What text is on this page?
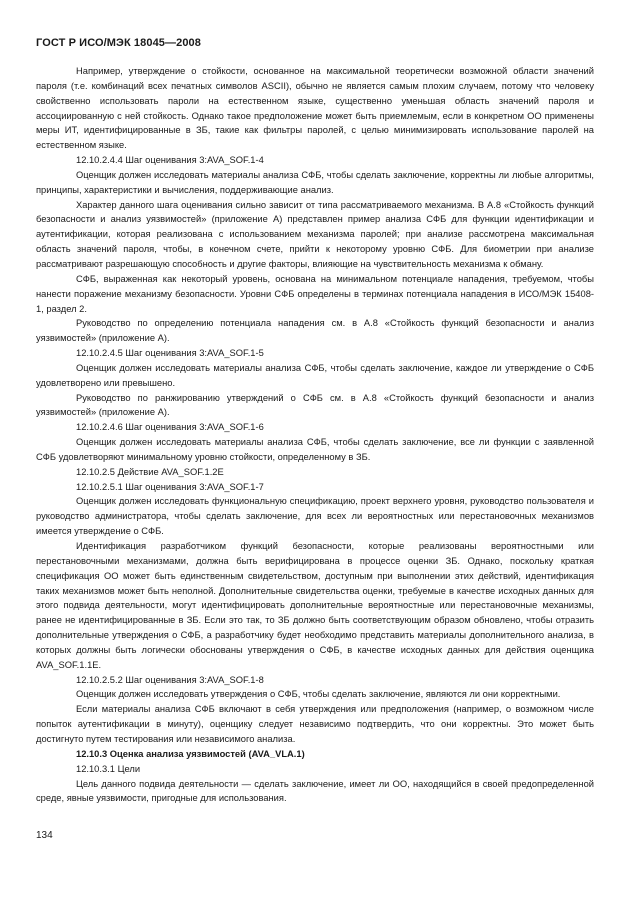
ГОСТ Р ИСО/МЭК 18045—2008

Например, утверждение о стойкости, основанное на максимальной теоретически возможной области значений пароля (т.е. комбинаций всех печатных символов ASCII), обычно не является самым плохим случаем, потому что человеку свойственно использовать пароли на естественном языке, существенно уменьшая область значений пароля и ассоциированную с ней стойкость. Однако такое предположение может быть приемлемым, если в конкретном ОО применены меры ИТ, идентифицированные в ЗБ, такие как фильтры паролей, с целью минимизировать использование паролей на естественном языке.

12.10.2.4.4 Шаг оценивания 3:AVA_SOF.1-4

Оценщик должен исследовать материалы анализа СФБ, чтобы сделать заключение, корректны ли любые алгоритмы, принципы, характеристики и вычисления, поддерживающие анализ.

Характер данного шага оценивания сильно зависит от типа рассматриваемого механизма. В А.8 «Стойкость функций безопасности и анализ уязвимостей» (приложение А) представлен пример анализа СФБ для функции идентификации и аутентификации, которая реализована с использованием механизма паролей; при анализе рассмотрена максимальная область значений пароля, чтобы, в конечном счете, прийти к некоторому уровню СФБ. Для биометрии при анализе рассматривают разрешающую способность и другие факторы, влияющие на чувствительность механизма к обману.

СФБ, выраженная как некоторый уровень, основана на минимальном потенциале нападения, требуемом, чтобы нанести поражение механизму безопасности. Уровни СФБ определены в терминах потенциала нападения в ИСО/МЭК 15408-1, раздел 2.

Руководство по определению потенциала нападения см. в А.8 «Стойкость функций безопасности и анализ уязвимостей» (приложение А).

12.10.2.4.5 Шаг оценивания 3:AVA_SOF.1-5

Оценщик должен исследовать материалы анализа СФБ, чтобы сделать заключение, каждое ли утверждение о СФБ удовлетворено или превышено.

Руководство по ранжированию утверждений о СФБ см. в А.8 «Стойкость функций безопасности и анализ уязвимостей» (приложение А).

12.10.2.4.6 Шаг оценивания 3:AVA_SOF.1-6

Оценщик должен исследовать материалы анализа СФБ, чтобы сделать заключение, все ли функции с заявленной СФБ удовлетворяют минимальному уровню стойкости, определенному в ЗБ.

12.10.2.5 Действие AVA_SOF.1.2E

12.10.2.5.1 Шаг оценивания 3:AVA_SOF.1-7

Оценщик должен исследовать функциональную спецификацию, проект верхнего уровня, руководство пользователя и руководство администратора, чтобы сделать заключение, для всех ли вероятностных или перестановочных механизмов имеется утверждение о СФБ.

Идентификация разработчиком функций безопасности, которые реализованы вероятностными или перестановочными механизмами, должна быть верифицирована в процессе оценки ЗБ. Однако, поскольку краткая спецификация ОО может быть единственным свидетельством, доступным при выполнении этих действий, идентификация таких механизмов может быть неполной. Дополнительные свидетельства оценки, требуемые в качестве исходных данных для этого подвида деятельности, могут идентифицировать дополнительные вероятностные или перестановочные механизмы, ранее не идентифицированные в ЗБ. Если это так, то ЗБ должно быть соответствующим образом обновлено, чтобы отразить дополнительные утверждения о СФБ, а разработчику будет необходимо представить материалы дополнительного анализа, в которых должны быть логически обоснованы утверждения о СФБ, в качестве исходных данных для действия оценщика AVA_SOF.1.1E.

12.10.2.5.2 Шаг оценивания 3:AVA_SOF.1-8

Оценщик должен исследовать утверждения о СФБ, чтобы сделать заключение, являются ли они корректными.

Если материалы анализа СФБ включают в себя утверждения или предположения (например, о возможном числе попыток аутентификации в минуту), оценщику следует независимо подтвердить, что они корректны. Это может быть достигнуто путем тестирования или независимого анализа.

12.10.3 Оценка анализа уязвимостей (AVA_VLA.1)

12.10.3.1 Цели

Цель данного подвида деятельности — сделать заключение, имеет ли ОО, находящийся в своей предопределенной среде, явные уязвимости, пригодные для использования.

134
